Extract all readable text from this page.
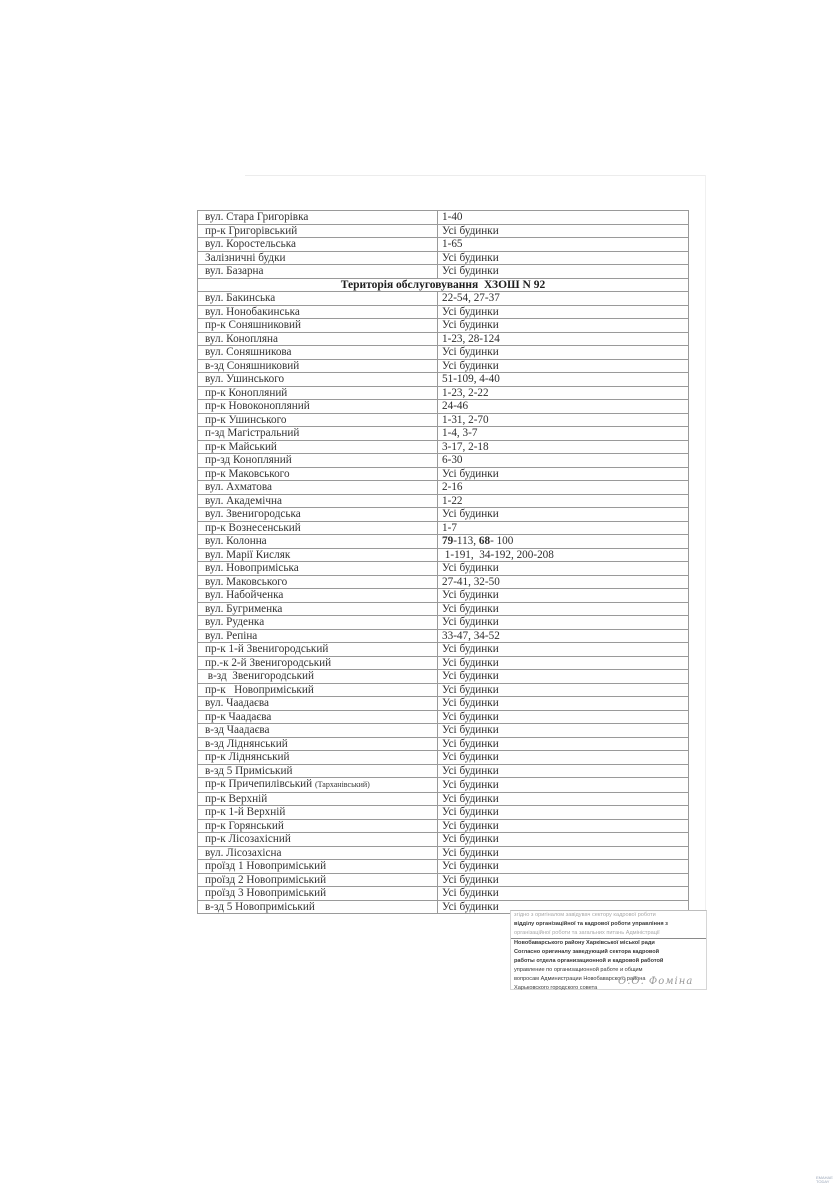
вул. Стара Григорівка	1-40
пр-к Григорівський	Усі будинки
вул. Коростельська	1-65
Залізничні будки	Усі будинки
вул. Базарна	Усі будинки
Територія обслуговування  ХЗОШ N 92	
вул. Бакинська	22-54, 27-37
вул. Нонобакинська	Усі будинки
пр-к Соняшниковий	Усі будинки
вул. Коноплянa	1-23, 28-124
вул. Соняшникова	Усі будинки
в-зд Соняшниковий	Усі будинки
вул. Ушинського	51-109, 4-40
пр-к Конопляний	1-23, 2-22
пр-к Новоконопляний	24-46
пр-к Ушинського	1-31, 2-70
п-зд Магістральний	1-4, 3-7
пр-к Майський	3-17, 2-18
пр-зд Конопляний	6-30
пр-к Маковського	Усі будинки
вул. Ахматова	2-16
вул. Академічна	1-22
вул. Звенигородська	Усі будинки
пр-к Вознесенський	1-7
вул. Колонна	79-113, 68- 100
вул. Марії Кисляк	1-191,  34-192, 200-208
вул. Новопримiська	Усі будинки
вул. Маковського	27-41, 32-50
вул. Набойченка	Усі будинки
вул. Бугрименка	Усі будинки
вул. Руденка	Усі будинки
вул. Репіна	33-47, 34-52
пр-к 1-й Звенигородський	Усі будинки
пр.-к 2-й Звенигородський	Усі будинки
в-зд  Звенигородський	Усі будинки
пр-к   Новопримiський	Усі будинки
вул. Чаадаєва	Усі будинки
пр-к Чаадаєва	Усі будинки
в-зд Чаадаєва	Усі будинки
в-зд Ліднянський	Усі будинки
пр-к Ліднянський	Усі будинки
в-зд 5 Приміський	Усі будинки
пр-к Причепилівський (Тарханівський)	Усі будинки
пр-к Верхній	Усі будинки
пр-к 1-й Верхній	Усі будинки
пр-к Горянський	Усі будинки
пр-к Лісозахісний	Усі будинки
вул. Лісозахісна	Усі будинки
проїзд 1 Новопримiський	Усі будинки
проїзд 2 Новопримiський	Усі будинки
проїзд 3 Новопримiський	Усі будинки
в-зд 5 Новопримiський	Усі будинки
згідно з оригіналом завідувач сектору кадрової роботи
відділу організаційної та кадрової роботи управління з
організаційної роботи та загальних питань Адміністрації
Новобаварського району Харківської міської ради
Согласно оригиналу заведующий сектора кадровой
работы отдела организационной и кадровой работой
управление по организационной работе и общим
вопросам Администрации Новобаварского района
Харьковского городского совета
О.О. Фоміна
ЕМАНАЕ TODAY
